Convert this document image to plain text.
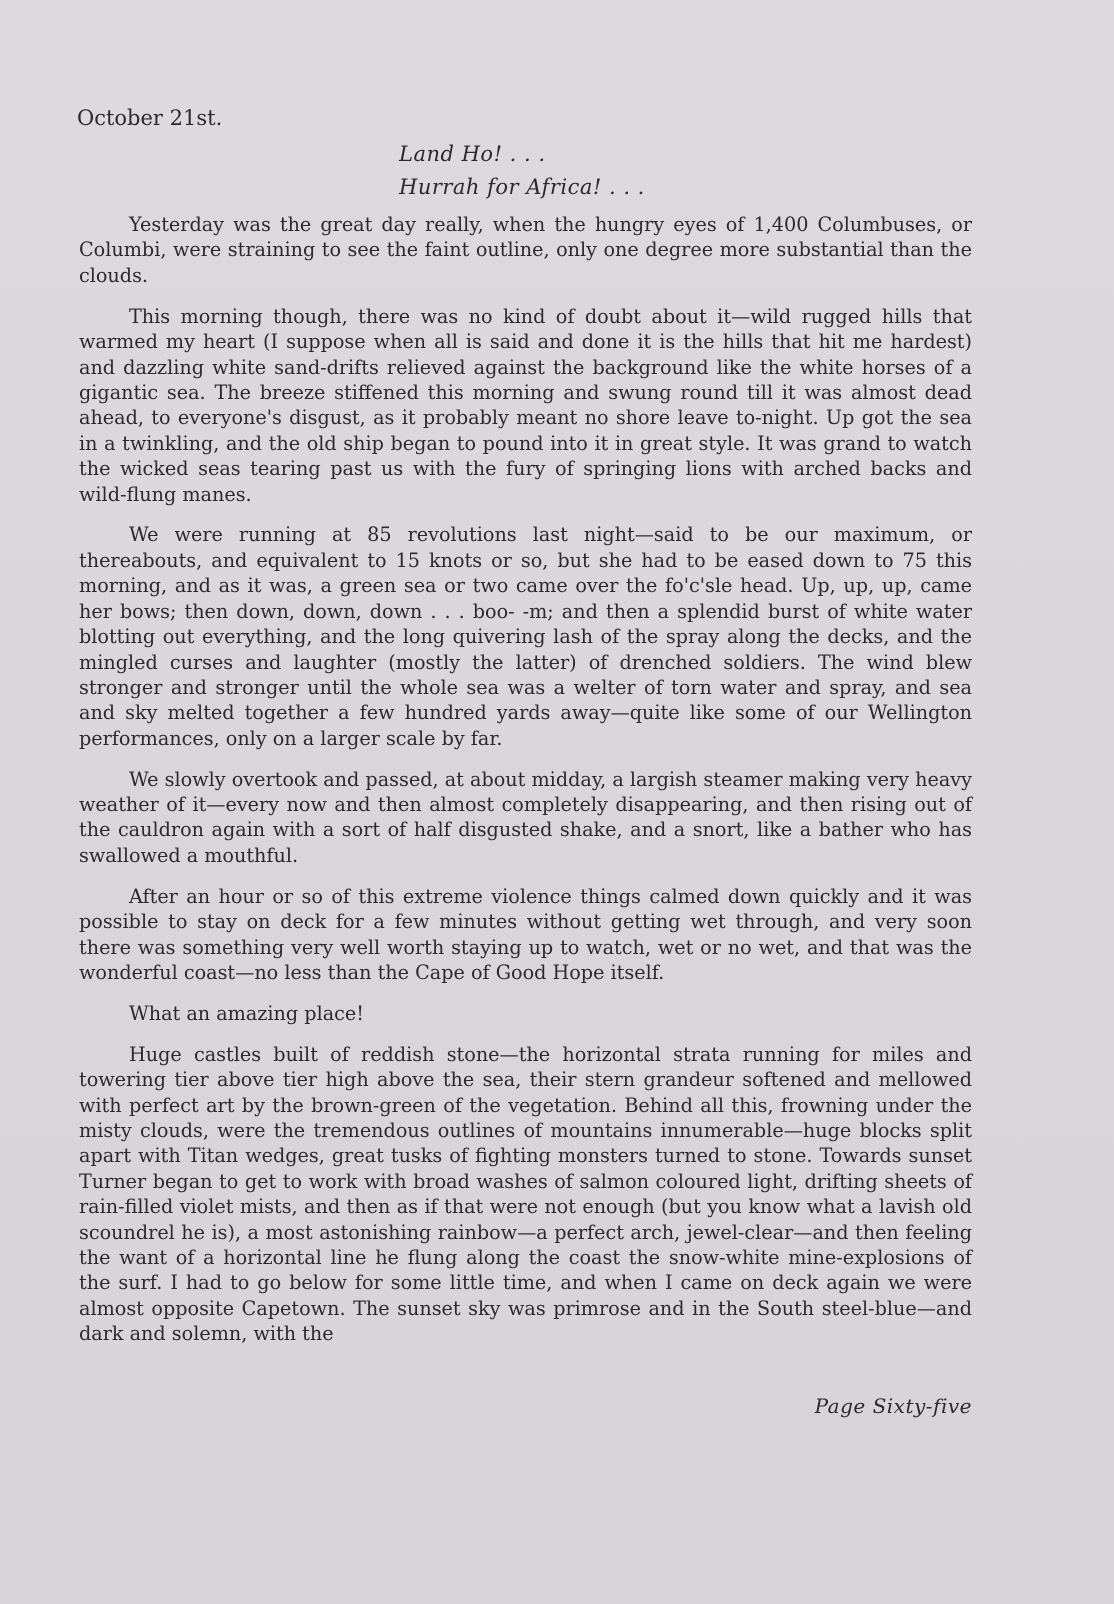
October 21st.

Land Ho! . . .

Hurrah for Africa! . . .

Yesterday was the great day really, when the hungry eyes of 1,400 Columbuses, or Columbi, were straining to see the faint outline, only one degree more substantial than the clouds.

This morning though, there was no kind of doubt about it—wild rugged hills that warmed my heart (I suppose when all is said and done it is the hills that hit me hardest) and dazzling white sand-drifts relieved against the background like the white horses of a gigantic sea. The breeze stiffened this morning and swung round till it was almost dead ahead, to everyone's disgust, as it probably meant no shore leave to-night. Up got the sea in a twinkling, and the old ship began to pound into it in great style. It was grand to watch the wicked seas tearing past us with the fury of springing lions with arched backs and wild-flung manes.

We were running at 85 revolutions last night—said to be our maximum, or thereabouts, and equivalent to 15 knots or so, but she had to be eased down to 75 this morning, and as it was, a green sea or two came over the fo'c'sle head. Up, up, up, came her bows; then down, down, down . . . boo- -m; and then a splendid burst of white water blotting out everything, and the long quivering lash of the spray along the decks, and the mingled curses and laughter (mostly the latter) of drenched soldiers. The wind blew stronger and stronger until the whole sea was a welter of torn water and spray, and sea and sky melted together a few hundred yards away—quite like some of our Wellington performances, only on a larger scale by far.

We slowly overtook and passed, at about midday, a largish steamer making very heavy weather of it—every now and then almost completely disappearing, and then rising out of the cauldron again with a sort of half disgusted shake, and a snort, like a bather who has swallowed a mouthful.

After an hour or so of this extreme violence things calmed down quickly and it was possible to stay on deck for a few minutes without getting wet through, and very soon there was something very well worth staying up to watch, wet or no wet, and that was the wonderful coast—no less than the Cape of Good Hope itself.

What an amazing place!

Huge castles built of reddish stone—the horizontal strata running for miles and towering tier above tier high above the sea, their stern grandeur softened and mellowed with perfect art by the brown-green of the vegetation. Behind all this, frowning under the misty clouds, were the tremendous outlines of mountains innumerable—huge blocks split apart with Titan wedges, great tusks of fighting monsters turned to stone. Towards sunset Turner began to get to work with broad washes of salmon coloured light, drifting sheets of rain-filled violet mists, and then as if that were not enough (but you know what a lavish old scoundrel he is), a most astonishing rainbow—a perfect arch, jewel-clear—and then feeling the want of a horizontal line he flung along the coast the snow-white mine-explosions of the surf. I had to go below for some little time, and when I came on deck again we were almost opposite Capetown. The sunset sky was primrose and in the South steel-blue—and dark and solemn, with the

Page Sixty-five
